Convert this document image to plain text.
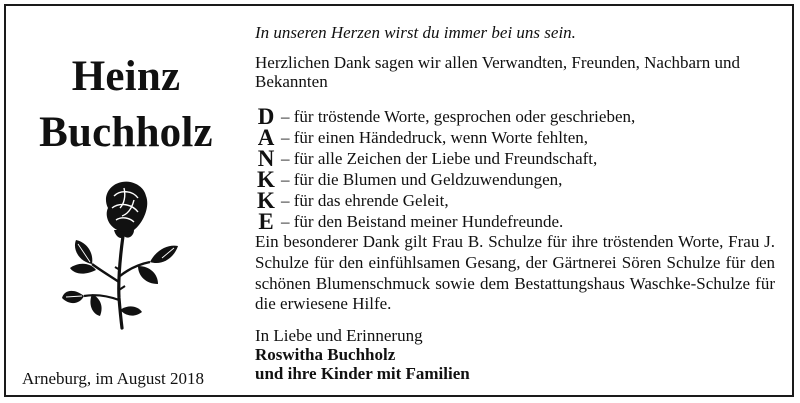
Heinz
Buchholz
Arneburg, im August 2018
In unseren Herzen wirst du immer bei uns sein.
Herzlichen Dank sagen wir allen Verwandten, Freunden, Nachbarn und
Bekannten
D – für tröstende Worte, gesprochen oder geschrieben,
A – für einen Händedruck, wenn Worte fehlten,
N – für alle Zeichen der Liebe und Freundschaft,
K – für die Blumen und Geldzuwendungen,
K – für das ehrende Geleit,
E – für den Beistand meiner Hundefreunde.
Ein besonderer Dank gilt Frau B. Schulze für ihre tröstenden Worte, Frau J. Schulze für den einfühlsamen Gesang, der Gärtnerei Sören Schulze für den schönen Blumenschmuck sowie dem Bestattungshaus Waschke-Schulze für die erwiesene Hilfe.
In Liebe und Erinnerung
Roswitha Buchholz
und ihre Kinder mit Familien
